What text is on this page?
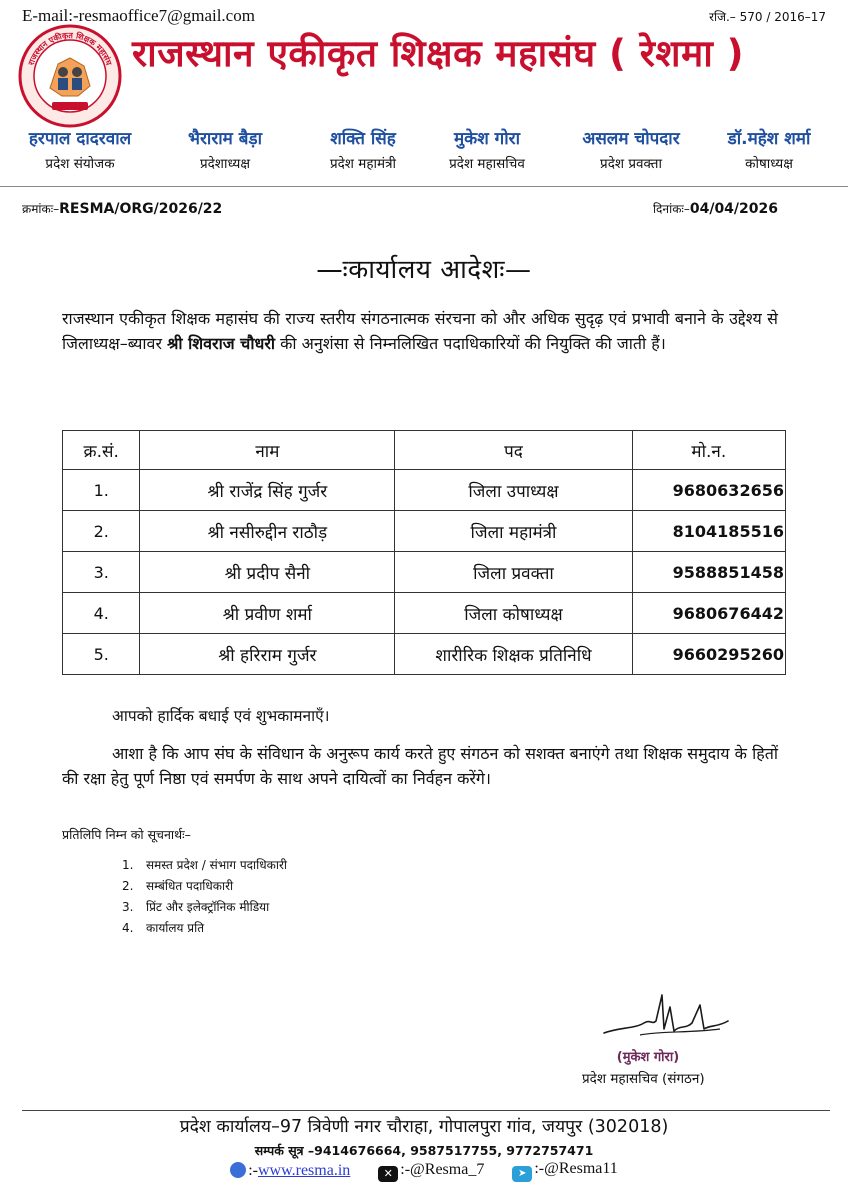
E-mail:-resmaoffice7@gmail.com	रजि.– 570 / 2016–17
राजस्थान एकीकृत शिक्षक महासंघ राजस्थान एकीकृत शिक्षक महासंघ ( रेशमा )
हरपाल दादरवाल
प्रदेश संयोजक
भैराराम बैड़ा
प्रदेशाध्यक्ष
शक्ति सिंह
प्रदेश महामंत्री
मुकेश गोरा
प्रदेश महासचिव
असलम चोपदार
प्रदेश प्रवक्ता
डॉ.महेश शर्मा
कोषाध्यक्ष
क्रमांकः–RESMA/ORG/2026/22	दिनांकः–04/04/2026
—ःकार्यालय आदेशः—
राजस्थान एकीकृत शिक्षक महासंघ की राज्य स्तरीय संगठनात्मक संरचना को और अधिक सुदृढ़ एवं प्रभावी बनाने के उद्देश्य से जिलाध्यक्ष–ब्यावर श्री शिवराज चौधरी की अनुशंसा से निम्नलिखित पदाधिकारियों की नियुक्ति की जाती हैं।
क्र.सं.	नाम	पद	मो.न.
1.	श्री राजेंद्र सिंह गुर्जर	जिला उपाध्यक्ष	9680632656
2.	श्री नसीरुद्दीन राठौड़	जिला महामंत्री	8104185516
3.	श्री प्रदीप सैनी	जिला प्रवक्ता	9588851458
4.	श्री प्रवीण शर्मा	जिला कोषाध्यक्ष	9680676442
5.	श्री हरिराम गुर्जर	शारीरिक शिक्षक प्रतिनिधि	9660295260
आपको हार्दिक बधाई एवं शुभकामनाएँ।
आशा है कि आप संघ के संविधान के अनुरूप कार्य करते हुए संगठन को सशक्त बनाएंगे तथा शिक्षक समुदाय के हितों की रक्षा हेतु पूर्ण निष्ठा एवं समर्पण के साथ अपने दायित्वों का निर्वहन करेंगे।
प्रतिलिपि निम्न को सूचनार्थः–
1. समस्त प्रदेश / संभाग पदाधिकारी
2. सम्बंधित पदाधिकारी
3. प्रिंट और इलेक्ट्रॉनिक मीडिया
4. कार्यालय प्रति
(मुकेश गोरा)
प्रदेश महासचिव (संगठन)
प्रदेश कार्यालय–97 त्रिवेणी नगर चौराहा, गोपालपुरा गांव, जयपुर (302018)
सम्पर्क सूत्र –9414676664, 9587517755, 9772757471
:-www.resma.in	✕ :-@Resma_7	➤ :-@Resma11
